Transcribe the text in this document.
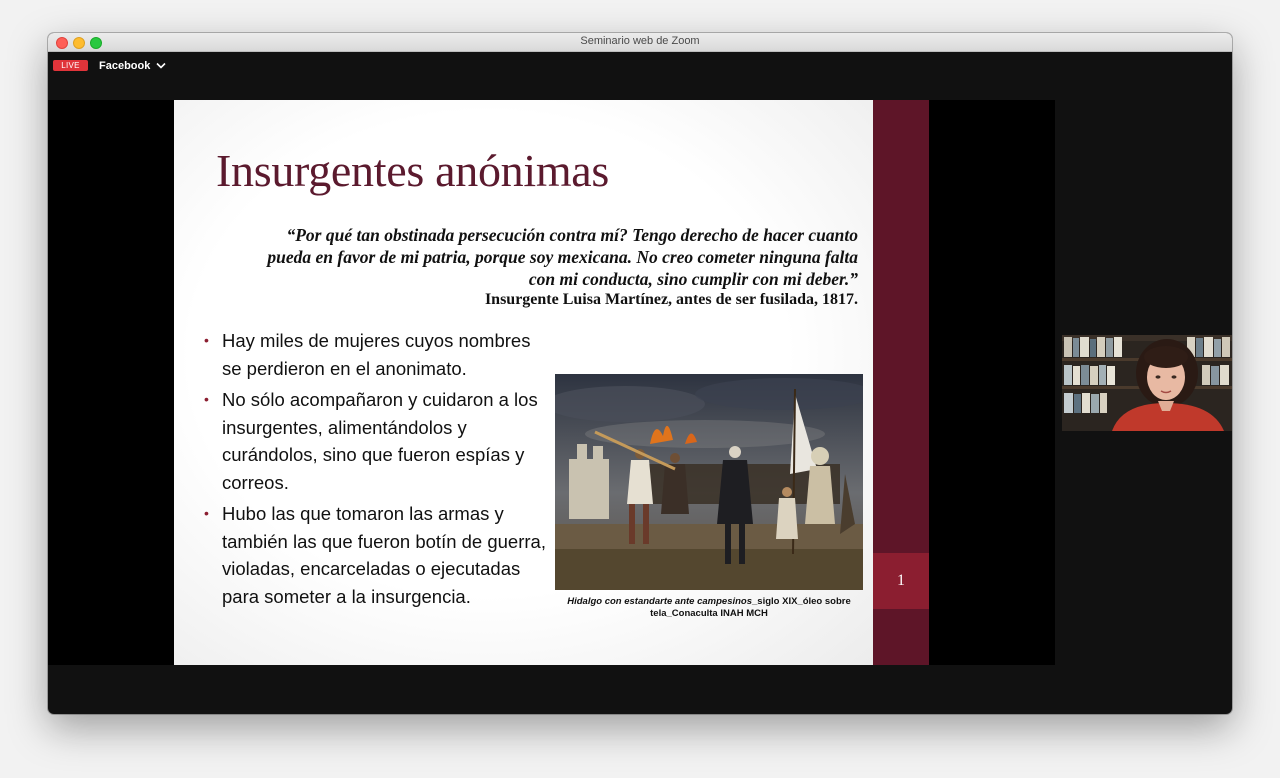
Seminario web de Zoom
LIVE	Facebook
Insurgentes anónimas
“Por qué tan obstinada persecución contra mí? Tengo derecho de hacer cuanto
pueda en favor de mi patria, porque soy mexicana. No creo cometer ninguna falta
con mi conducta, sino cumplir con mi deber.”
Insurgente Luisa Martínez, antes de ser fusilada, 1817.
• Hay miles de mujeres cuyos nombres se perdieron en el anonimato.
• No sólo acompañaron y cuidaron a los insurgentes, alimentándolos y curándolos, sino que fueron espías y correos.
• Hubo las que tomaron las armas y también las que fueron botín de guerra, violadas, encarceladas o ejecutadas para someter a la insurgencia.	Hidalgo con estandarte ante campesinos_siglo XIX_óleo sobre
tela_Conaculta INAH MCH
1
